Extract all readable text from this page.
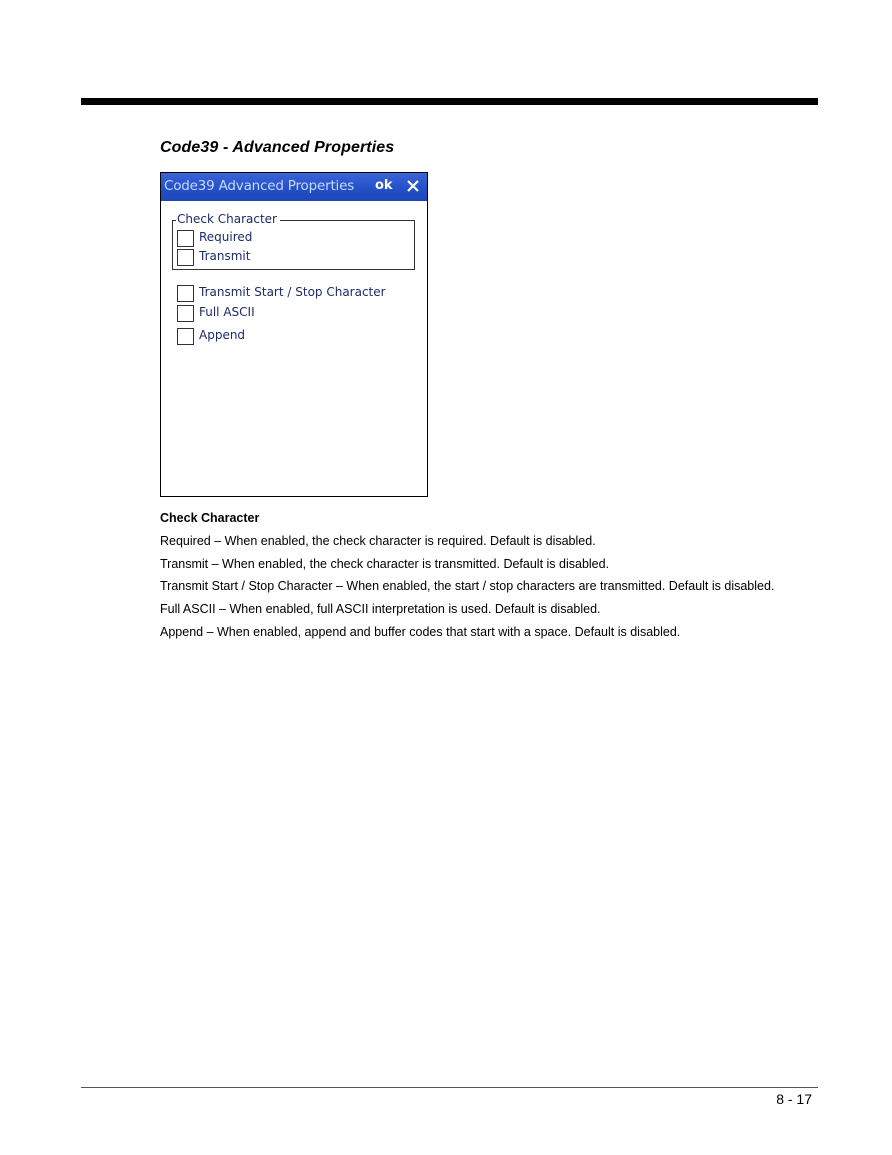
Code39 - Advanced Properties
Code39 Advanced Properties ok
Check Character
Required
Transmit
Transmit Start / Stop Character
Full ASCII
Append

Check Character

Required – When enabled, the check character is required. Default is disabled.

Transmit – When enabled, the check character is transmitted. Default is disabled.

Transmit Start / Stop Character – When enabled, the start / stop characters are transmitted. Default is disabled.

Full ASCII – When enabled, full ASCII interpretation is used. Default is disabled.

Append – When enabled, append and buffer codes that start with a space. Default is disabled.

8 - 17
